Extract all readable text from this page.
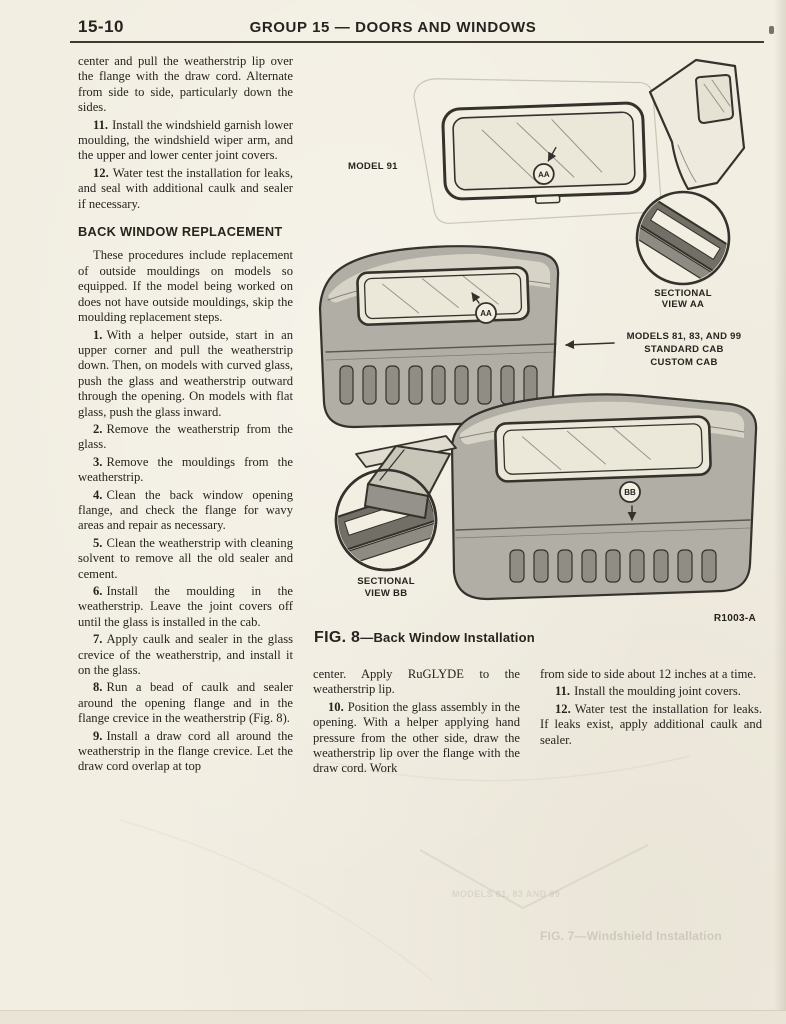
15-10	GROUP 15 — DOORS AND WINDOWS

center and pull the weatherstrip lip over the flange with the draw cord. Alternate from side to side, particularly down the sides.

11. Install the windshield garnish lower moulding, the windshield wiper arm, and the upper and lower center joint covers.

12. Water test the installation for leaks, and seal with additional caulk and sealer if necessary.

BACK WINDOW REPLACEMENT

These procedures include replacement of outside mouldings on models so equipped. If the model being worked on does not have outside mouldings, skip the moulding replacement steps.

1. With a helper outside, start in an upper corner and pull the weatherstrip down. Then, on models with curved glass, push the glass and weatherstrip outward through the opening. On models with flat glass, push the glass inward.

2. Remove the weatherstrip from the glass.

3. Remove the mouldings from the weatherstrip.

4. Clean the back window opening flange, and check the flange for wavy areas and repair as necessary.

5. Clean the weatherstrip with cleaning solvent to remove all the old sealer and cement.

6. Install the moulding in the weatherstrip. Leave the joint covers off until the glass is installed in the cab.

7. Apply caulk and sealer in the glass crevice of the weatherstrip, and install it on the glass.

8. Run a bead of caulk and sealer around the opening flange and in the flange crevice in the weatherstrip (Fig. 8).

9. Install a draw cord all around the weatherstrip in the flange crevice. Let the draw cord overlap at top

AA
MODEL 91
SECTIONAL
VIEW AA
AA
MODELS 81, 83, AND 99
STANDARD CAB
CUSTOM CAB
BB
SECTIONAL
VIEW BB
R1003-A
FIG. 8—Back Window Installation

center. Apply RuGLYDE to the weatherstrip lip.

10. Position the glass assembly in the opening. With a helper applying hand pressure from the other side, draw the weatherstrip lip over the flange with the draw cord. Work

from side to side about 12 inches at a time.

11. Install the moulding joint covers.

12. Water test the installation for leaks. If leaks exist, apply additional caulk and sealer.

MODELS 81, 83 AND 99
FIG. 7—Windshield Installation
